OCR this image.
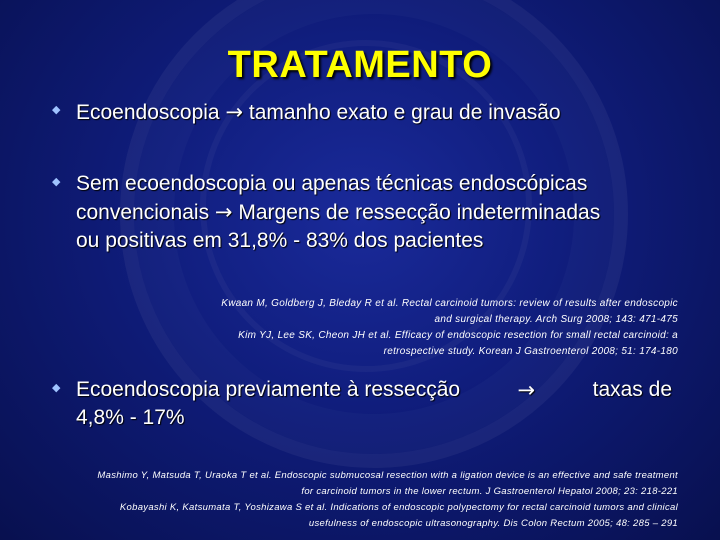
TRATAMENTO
◆ Ecoendoscopia → tamanho exato e grau de invasão
◆ Sem ecoendoscopia ou apenas técnicas endoscópicas
convencionais → Margens de ressecção indeterminadas
ou positivas em 31,8% - 83% dos pacientes
Kwaan M, Goldberg J, Bleday R et al. Rectal carcinoid tumors: review of results after endoscopic
and surgical therapy. Arch Surg 2008; 143: 471-475
Kim YJ, Lee SK, Cheon JH et al. Efficacy of endoscopic resection for small rectal carcinoid: a
retrospective study. Korean J Gastroenterol 2008; 51: 174-180
◆ Ecoendoscopia previamente à ressecção	→	taxas de
4,8% - 17%
Mashimo Y, Matsuda T, Uraoka T et al. Endoscopic submucosal resection with a ligation device is an effective and safe treatment
for carcinoid tumors in the lower rectum. J Gastroenterol Hepatol 2008; 23: 218-221
Kobayashi K, Katsumata T, Yoshizawa S et al. Indications of endoscopic polypectomy for rectal carcinoid tumors and clinical
usefulness of endoscopic ultrasonography. Dis Colon Rectum 2005; 48: 285 – 291
